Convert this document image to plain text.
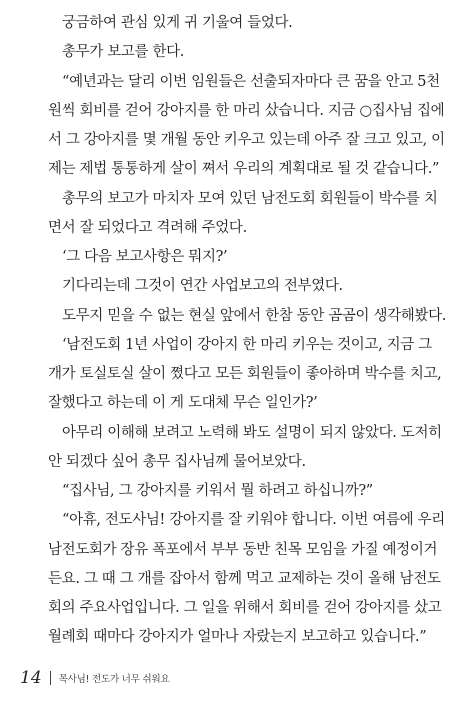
궁금하여 관심 있게 귀 기울여 들었다.
총무가 보고를 한다.
“예년과는 달리 이번 임원들은 선출되자마다 큰 꿈을 안고 5천
원씩 회비를 걷어 강아지를 한 마리 샀습니다. 지금 ○집사님 집에
서 그 강아지를 몇 개월 동안 키우고 있는데 아주 잘 크고 있고, 이
제는 제법 통통하게 살이 쪄서 우리의 계획대로 될 것 같습니다.”
총무의 보고가 마치자 모여 있던 남전도회 회원들이 박수를 치
면서 잘 되었다고 격려해 주었다.
‘그 다음 보고사항은 뭐지?’
기다리는데 그것이 연간 사업보고의 전부였다.
도무지 믿을 수 없는 현실 앞에서 한참 동안 곰곰이 생각해봤다.
‘남전도회 1년 사업이 강아지 한 마리 키우는 것이고, 지금 그
개가 토실토실 살이 쪘다고 모든 회원들이 좋아하며 박수를 치고,
잘했다고 하는데 이 게 도대체 무슨 일인가?’
아무리 이해해 보려고 노력해 봐도 설명이 되지 않았다. 도저히
안 되겠다 싶어 총무 집사님께 물어보았다.
“집사님, 그 강아지를 키워서 뭘 하려고 하십니까?”
“아휴, 전도사님! 강아지를 잘 키워야 합니다. 이번 여름에 우리
남전도회가 장유 폭포에서 부부 동반 친목 모임을 가질 예정이거
든요. 그 때 그 개를 잡아서 함께 먹고 교제하는 것이 올해 남전도
회의 주요사업입니다. 그 일을 위해서 회비를 걷어 강아지를 샀고
월례회 때마다 강아지가 얼마나 자랐는지 보고하고 있습니다.”
14 목사님! 전도가 너무 쉬워요
